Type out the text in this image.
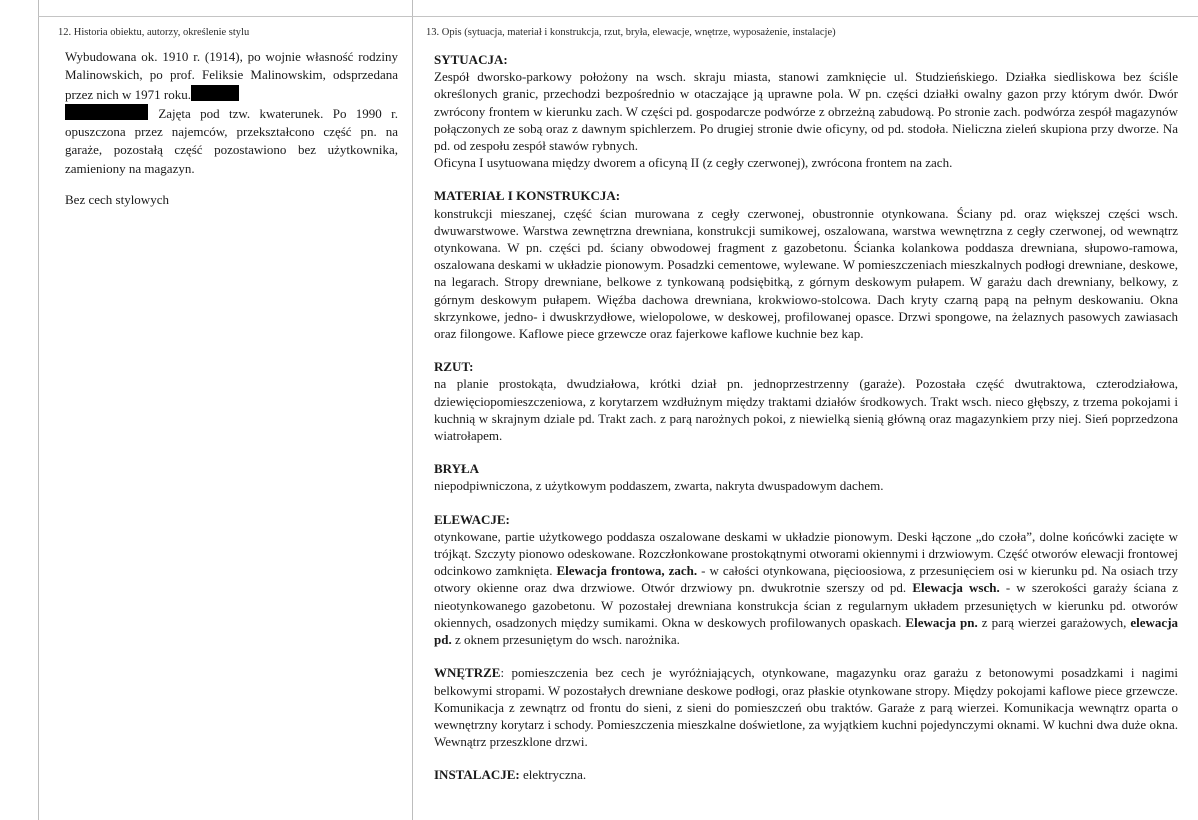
12. Historia obiektu, autorzy, określenie stylu

Wybudowana ok. 1910 r. (1914), po wojnie własność rodziny Malinowskich, po prof. Feliksie Malinowskim, odsprzedana przez nich w 1971 roku.
Zajęta pod tzw. kwaterunek. Po 1990 r. opuszczona przez najemców, przekształcono część pn. na garaże, pozostałą część pozostawiono bez użytkownika, zamieniony na magazyn.

Bez cech stylowych

13. Opis (sytuacja, materiał i konstrukcja, rzut, bryła, elewacje, wnętrze, wyposażenie, instalacje)

SYTUACJA:

Zespół dworsko-parkowy położony na wsch. skraju miasta, stanowi zamknięcie ul. Studzieńskiego. Działka siedliskowa bez ściśle określonych granic, przechodzi bezpośrednio w otaczające ją uprawne pola. W pn. części działki owalny gazon przy którym dwór. Dwór zwrócony frontem w kierunku zach. W części pd. gospodarcze podwórze z obrzeżną zabudową. Po stronie zach. podwórza zespół magazynów połączonych ze sobą oraz z dawnym spichlerzem. Po drugiej stronie dwie oficyny, od pd. stodoła. Nieliczna zieleń skupiona przy dworze. Na pd. od zespołu zespół stawów rybnych.

Oficyna I usytuowana między dworem a oficyną II (z cegły czerwonej), zwrócona frontem na zach.

MATERIAŁ I KONSTRUKCJA:

konstrukcji mieszanej, część ścian murowana z cegły czerwonej, obustronnie otynkowana. Ściany pd. oraz większej części wsch. dwuwarstwowe. Warstwa zewnętrzna drewniana, konstrukcji sumikowej, oszalowana, warstwa wewnętrzna z cegły czerwonej, od wewnątrz otynkowana. W pn. części pd. ściany obwodowej fragment z gazobetonu. Ścianka kolankowa poddasza drewniana, słupowo-ramowa, oszalowana deskami w układzie pionowym. Posadzki cementowe, wylewane. W pomieszczeniach mieszkalnych podłogi drewniane, deskowe, na legarach. Stropy drewniane, belkowe z tynkowaną podsiębitką, z górnym deskowym pułapem. W garażu dach drewniany, belkowy, z górnym deskowym pułapem. Więźba dachowa drewniana, krokwiowo-stolcowa. Dach kryty czarną papą na pełnym deskowaniu. Okna skrzynkowe, jedno- i dwuskrzydłowe, wielopolowe, w deskowej, profilowanej opasce. Drzwi spongowe, na żelaznych pasowych zawiasach oraz filongowe. Kaflowe piece grzewcze oraz fajerkowe kaflowe kuchnie bez kap.

RZUT:

na planie prostokąta, dwudziałowa, krótki dział pn. jednoprzestrzenny (garaże). Pozostała część dwutraktowa, czterodziałowa, dziewięciopomieszczeniowa, z korytarzem wzdłużnym między traktami działów środkowych. Trakt wsch. nieco głębszy, z trzema pokojami i kuchnią w skrajnym dziale pd. Trakt zach. z parą narożnych pokoi, z niewielką sienią główną oraz magazynkiem przy niej. Sień poprzedzona wiatrołapem.

BRYŁA

niepodpiwniczona, z użytkowym poddaszem, zwarta, nakryta dwuspadowym dachem.

ELEWACJE:

otynkowane, partie użytkowego poddasza oszalowane deskami w układzie pionowym. Deski łączone „do czoła”, dolne końcówki zacięte w trójkąt. Szczyty pionowo odeskowane. Rozczłonkowane prostokątnymi otworami okiennymi i drzwiowym. Część otworów elewacji frontowej odcinkowo zamknięta. Elewacja frontowa, zach. - w całości otynkowana, pięcioosiowa, z przesunięciem osi w kierunku pd. Na osiach trzy otwory okienne oraz dwa drzwiowe. Otwór drzwiowy pn. dwukrotnie szerszy od pd. Elewacja wsch. - w szerokości garaży ściana z nieotynkowanego gazobetonu. W pozostałej drewniana konstrukcja ścian z regularnym układem przesuniętych w kierunku pd. otworów okiennych, osadzonych między sumikami. Okna w deskowych profilowanych opaskach. Elewacja pn. z parą wierzei garażowych, elewacja pd. z oknem przesuniętym do wsch. narożnika.

WNĘTRZE: pomieszczenia bez cech je wyróżniających, otynkowane, magazynku oraz garażu z betonowymi posadzkami i nagimi belkowymi stropami. W pozostałych drewniane deskowe podłogi, oraz płaskie otynkowane stropy. Między pokojami kaflowe piece grzewcze. Komunikacja z zewnątrz od frontu do sieni, z sieni do pomieszczeń obu traktów. Garaże z parą wierzei. Komunikacja wewnątrz oparta o wewnętrzny korytarz i schody. Pomieszczenia mieszkalne doświetlone, za wyjątkiem kuchni pojedynczymi oknami. W kuchni dwa duże okna. Wewnątrz przeszklone drzwi.

INSTALACJE: elektryczna.
